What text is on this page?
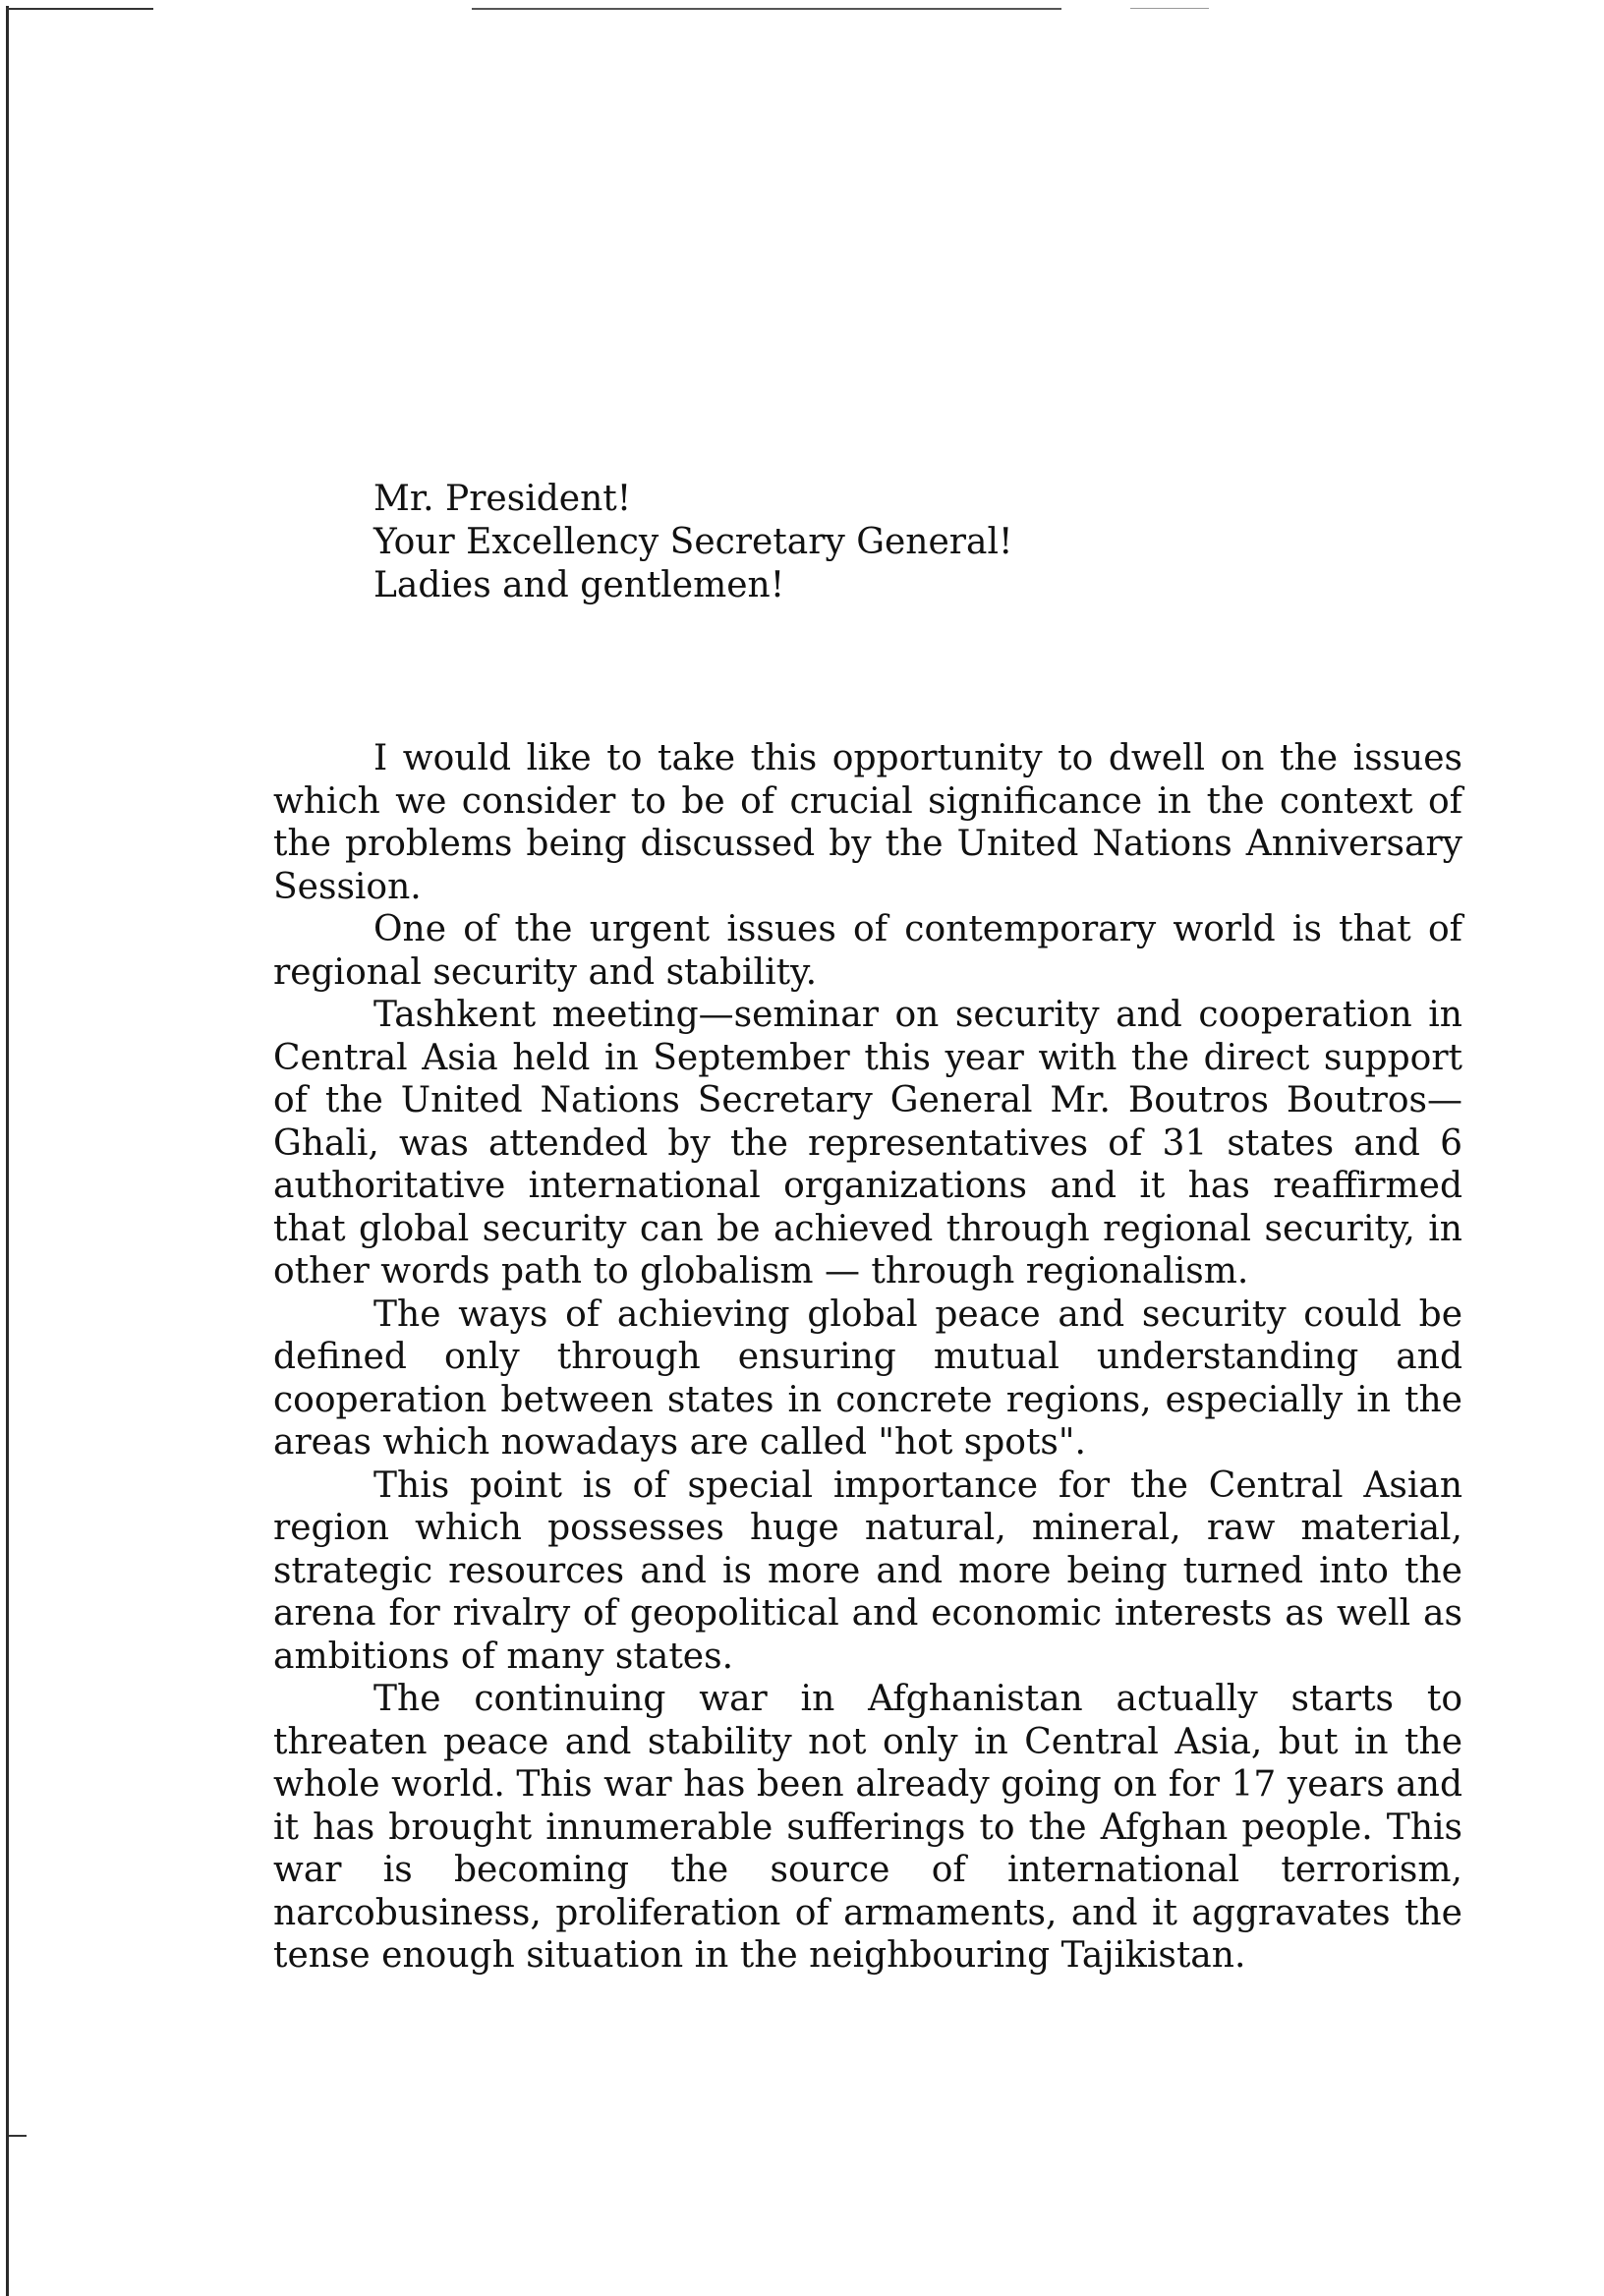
Mr. President!
Your Excellency Secretary General!
Ladies and gentlemen!

I would like to take this opportunity to dwell on the issues which we consider to be of crucial significance in the context of the problems being discussed by the United Nations Anniversary Session.

One of the urgent issues of contemporary world is that of regional security and stability.

Tashkent meeting—seminar on security and cooperation in Central Asia held in September this year with the direct support of the United Nations Secretary General Mr. Boutros Boutros—Ghali, was attended by the representatives of 31 states and 6 authoritative international organizations and it has reaffirmed that global security can be achieved through regional security, in other words path to globalism — through regionalism.

The ways of achieving global peace and security could be defined only through ensuring mutual understanding and cooperation between states in concrete regions, especially in the areas which nowadays are called "hot spots".

This point is of special importance for the Central Asian region which possesses huge natural, mineral, raw material, strategic resources and is more and more being turned into the arena for rivalry of geopolitical and economic interests as well as ambitions of many states.

The continuing war in Afghanistan actually starts to threaten peace and stability not only in Central Asia, but in the whole world. This war has been already going on for 17 years and it has brought innumerable sufferings to the Afghan people. This war is becoming the source of international terrorism, narcobusiness, proliferation of armaments, and it aggravates the tense enough situation in the neighbouring Tajikistan.
